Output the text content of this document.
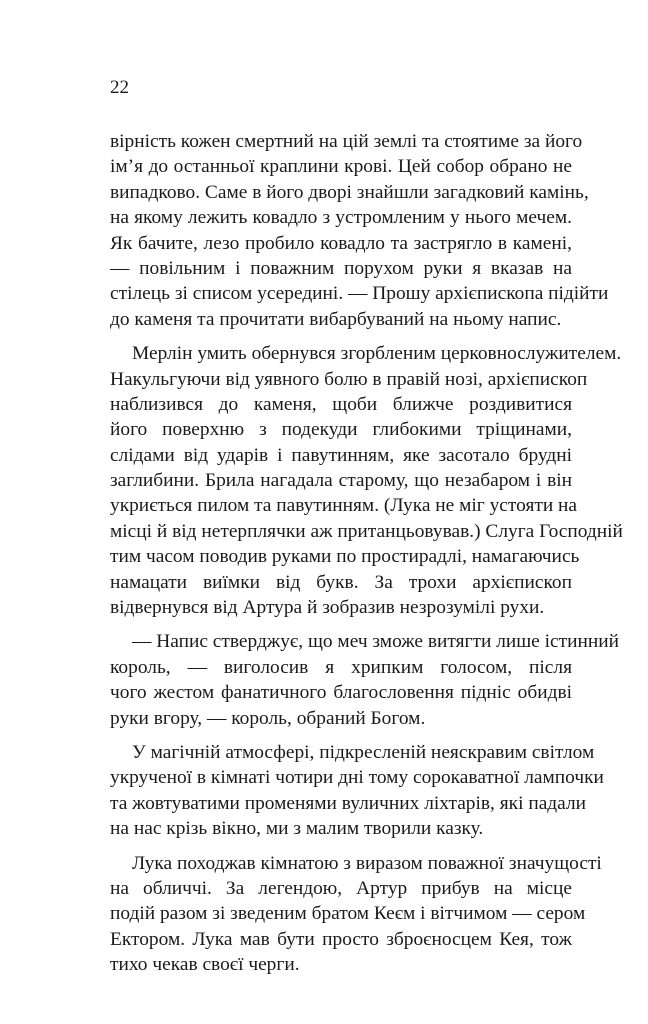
22
вірність кожен смертний на цій землі та стоятиме за його
ім’я до останньої краплини крові. Цей собор обрано не
випадково. Саме в його дворі знайшли загадковий камінь,
на якому лежить ковадло з устромленим у нього мечем.
Як бачите, лезо пробило ковадло та застрягло в камені,
— повільним і поважним порухом руки я вказав на
стілець зі списом усередині. — Прошу архієпископа підійти
до каменя та прочитати вибарбуваний на ньому напис.
Мерлін умить обернувся згорбленим церковнослужителем.
Накульгуючи від уявного болю в правій нозі, архієпископ
наблизився до каменя, щоби ближче роздивитися
його поверхню з подекуди глибокими тріщинами,
слідами від ударів і павутинням, яке засотало брудні
заглибини. Брила нагадала старому, що незабаром і він
укриється пилом та павутинням. (Лука не міг устояти на
місці й від нетерплячки аж пританцьовував.) Слуга Господній
тим часом поводив руками по простирадлі, намагаючись
намацати виїмки від букв. За трохи архієпископ
відвернувся від Артура й зобразив незрозумілі рухи.
— Напис стверджує, що меч зможе витягти лише істинний
король, — виголосив я хрипким голосом, після
чого жестом фанатичного благословення підніс обидві
руки вгору, — король, обраний Богом.
У магічній атмосфері, підкресленій неяскравим світлом
укрученої в кімнаті чотири дні тому сорокаватної лампочки
та жовтуватими променями вуличних ліхтарів, які падали
на нас крізь вікно, ми з малим творили казку.
Лука походжав кімнатою з виразом поважної значущості
на обличчі. За легендою, Артур прибув на місце
подій разом зі зведеним братом Кеєм і вітчимом — сером
Ектором. Лука мав бути просто зброєносцем Кея, тож
тихо чекав своєї черги.
